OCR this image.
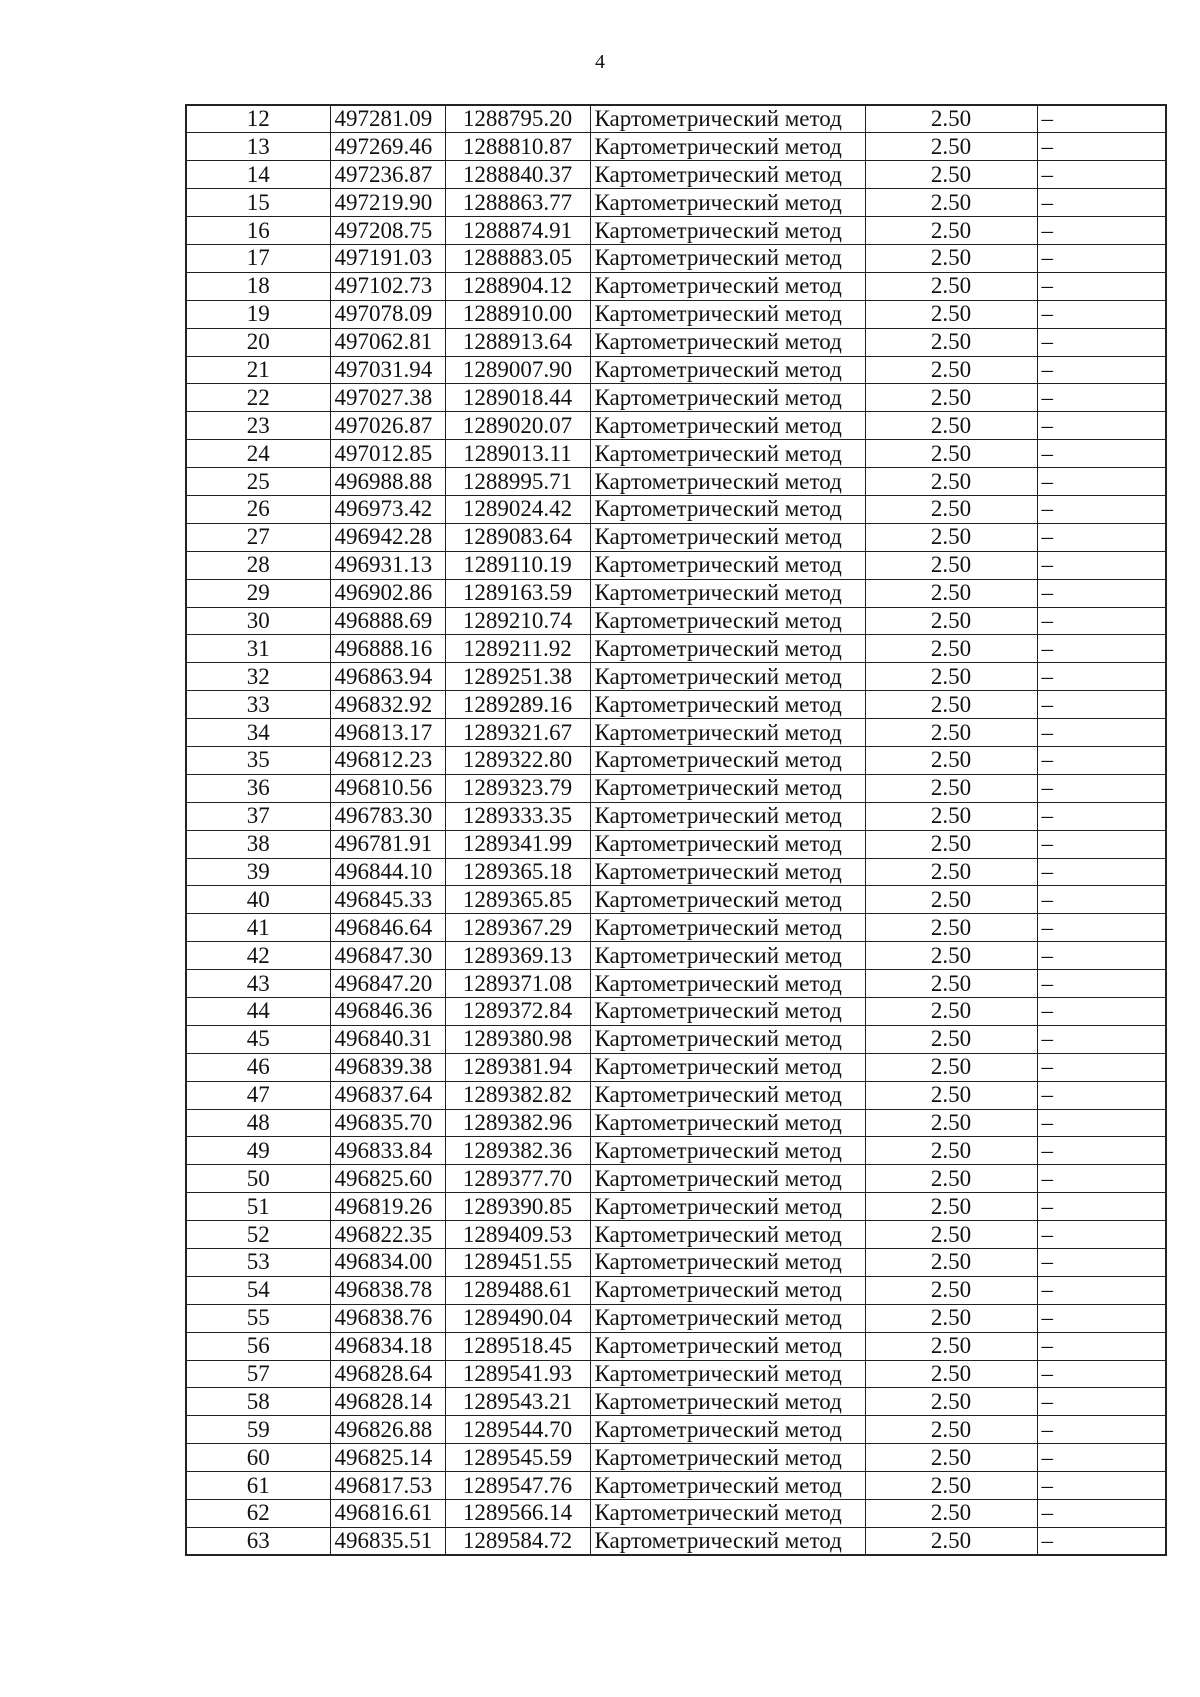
4
12	497281.09	1288795.20	Картометрический метод	2.50	–
13	497269.46	1288810.87	Картометрический метод	2.50	–
14	497236.87	1288840.37	Картометрический метод	2.50	–
15	497219.90	1288863.77	Картометрический метод	2.50	–
16	497208.75	1288874.91	Картометрический метод	2.50	–
17	497191.03	1288883.05	Картометрический метод	2.50	–
18	497102.73	1288904.12	Картометрический метод	2.50	–
19	497078.09	1288910.00	Картометрический метод	2.50	–
20	497062.81	1288913.64	Картометрический метод	2.50	–
21	497031.94	1289007.90	Картометрический метод	2.50	–
22	497027.38	1289018.44	Картометрический метод	2.50	–
23	497026.87	1289020.07	Картометрический метод	2.50	–
24	497012.85	1289013.11	Картометрический метод	2.50	–
25	496988.88	1288995.71	Картометрический метод	2.50	–
26	496973.42	1289024.42	Картометрический метод	2.50	–
27	496942.28	1289083.64	Картометрический метод	2.50	–
28	496931.13	1289110.19	Картометрический метод	2.50	–
29	496902.86	1289163.59	Картометрический метод	2.50	–
30	496888.69	1289210.74	Картометрический метод	2.50	–
31	496888.16	1289211.92	Картометрический метод	2.50	–
32	496863.94	1289251.38	Картометрический метод	2.50	–
33	496832.92	1289289.16	Картометрический метод	2.50	–
34	496813.17	1289321.67	Картометрический метод	2.50	–
35	496812.23	1289322.80	Картометрический метод	2.50	–
36	496810.56	1289323.79	Картометрический метод	2.50	–
37	496783.30	1289333.35	Картометрический метод	2.50	–
38	496781.91	1289341.99	Картометрический метод	2.50	–
39	496844.10	1289365.18	Картометрический метод	2.50	–
40	496845.33	1289365.85	Картометрический метод	2.50	–
41	496846.64	1289367.29	Картометрический метод	2.50	–
42	496847.30	1289369.13	Картометрический метод	2.50	–
43	496847.20	1289371.08	Картометрический метод	2.50	–
44	496846.36	1289372.84	Картометрический метод	2.50	–
45	496840.31	1289380.98	Картометрический метод	2.50	–
46	496839.38	1289381.94	Картометрический метод	2.50	–
47	496837.64	1289382.82	Картометрический метод	2.50	–
48	496835.70	1289382.96	Картометрический метод	2.50	–
49	496833.84	1289382.36	Картометрический метод	2.50	–
50	496825.60	1289377.70	Картометрический метод	2.50	–
51	496819.26	1289390.85	Картометрический метод	2.50	–
52	496822.35	1289409.53	Картометрический метод	2.50	–
53	496834.00	1289451.55	Картометрический метод	2.50	–
54	496838.78	1289488.61	Картометрический метод	2.50	–
55	496838.76	1289490.04	Картометрический метод	2.50	–
56	496834.18	1289518.45	Картометрический метод	2.50	–
57	496828.64	1289541.93	Картометрический метод	2.50	–
58	496828.14	1289543.21	Картометрический метод	2.50	–
59	496826.88	1289544.70	Картометрический метод	2.50	–
60	496825.14	1289545.59	Картометрический метод	2.50	–
61	496817.53	1289547.76	Картометрический метод	2.50	–
62	496816.61	1289566.14	Картометрический метод	2.50	–
63	496835.51	1289584.72	Картометрический метод	2.50	–
